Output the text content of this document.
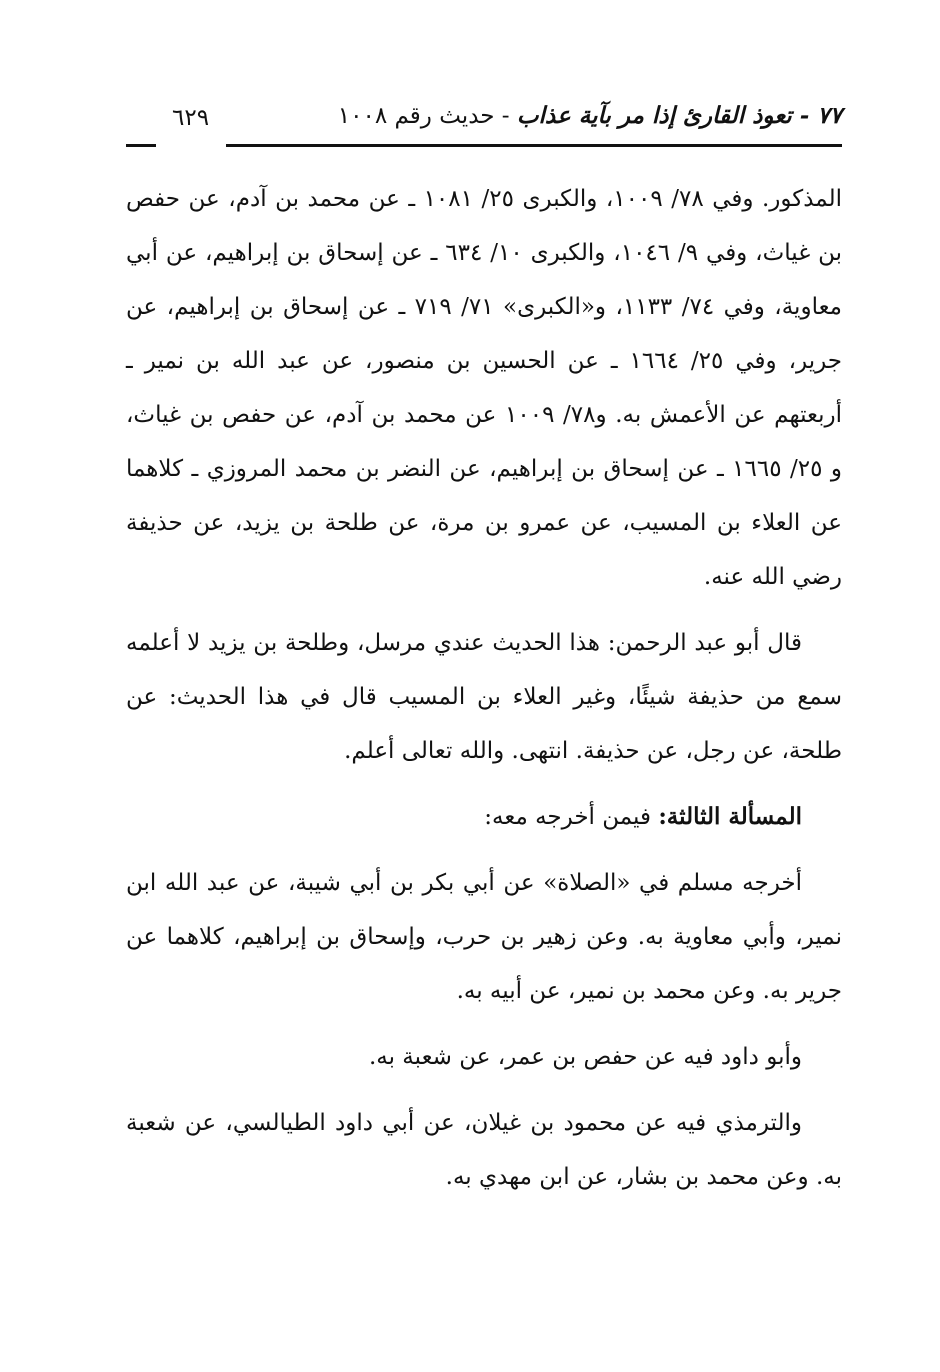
٧٧ - تعوذ القارئ إذا مر بآية عذاب - حديث رقم ١٠٠٨
٦٢٩

المذكور. وفي ٧٨/ ١٠٠٩، والكبرى ٢٥/ ١٠٨١ ـ عن محمد بن آدم، عن حفص بن غياث، وفي ٩/ ١٠٤٦، والكبرى ١٠/ ٦٣٤ ـ عن إسحاق بن إبراهيم، عن أبي معاوية، وفي ٧٤/ ١١٣٣، و«الكبرى» ٧١/ ٧١٩ ـ عن إسحاق بن إبراهيم، عن جرير، وفي ٢٥/ ١٦٦٤ ـ عن الحسين بن منصور، عن عبد الله بن نمير ـ أربعتهم عن الأعمش به. و٧٨/ ١٠٠٩ عن محمد بن آدم، عن حفص بن غياث، و ٢٥/ ١٦٦٥ ـ عن إسحاق بن إبراهيم، عن النضر بن محمد المروزي ـ كلاهما عن العلاء بن المسيب، عن عمرو بن مرة، عن طلحة بن يزيد، عن حذيفة رضي الله عنه.

قال أبو عبد الرحمن: هذا الحديث عندي مرسل، وطلحة بن يزيد لا أعلمه سمع من حذيفة شيئًا، وغير العلاء بن المسيب قال في هذا الحديث: عن طلحة، عن رجل، عن حذيفة. انتهى. والله تعالى أعلم.

المسألة الثالثة: فيمن أخرجه معه:

أخرجه مسلم في «الصلاة» عن أبي بكر بن أبي شيبة، عن عبد الله ابن نمير، وأبي معاوية به. وعن زهير بن حرب، وإسحاق بن إبراهيم، كلاهما عن جرير به. وعن محمد بن نمير، عن أبيه به.

وأبو داود فيه عن حفص بن عمر، عن شعبة به.

والترمذي فيه عن محمود بن غيلان، عن أبي داود الطيالسي، عن شعبة به. وعن محمد بن بشار، عن ابن مهدي به.
